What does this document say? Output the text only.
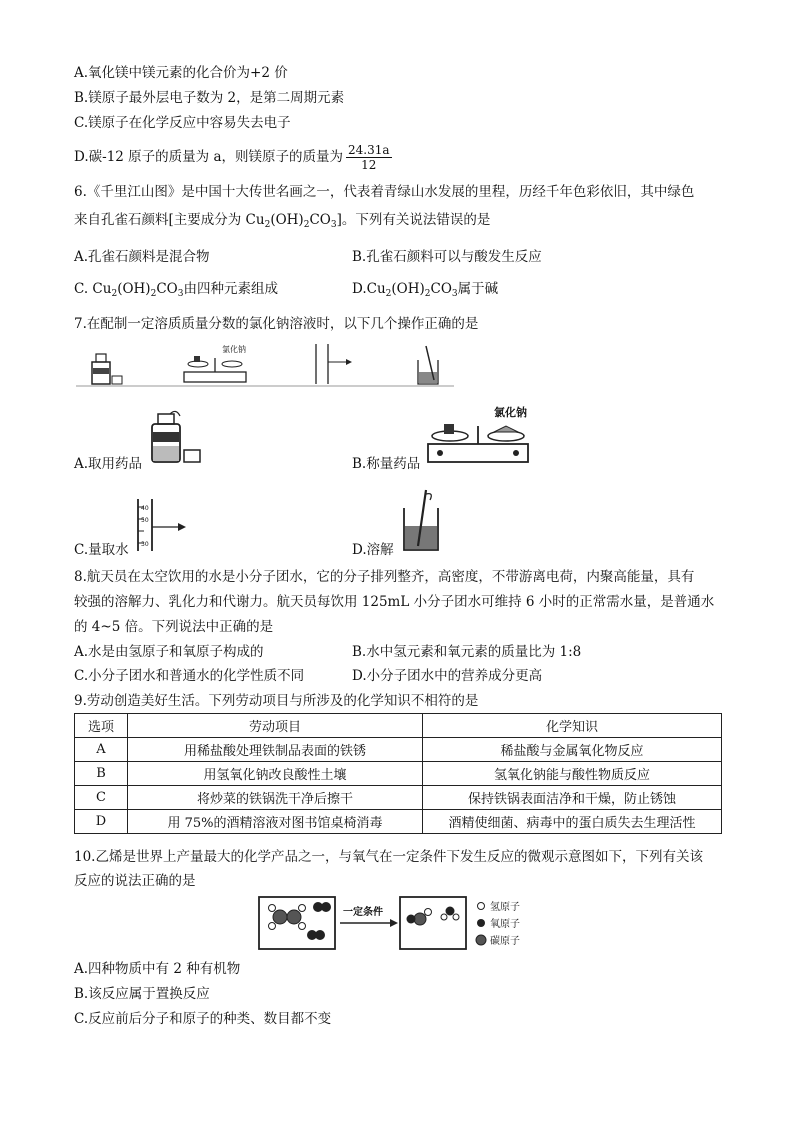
A.氧化镁中镁元素的化合价为+2 价
B.镁原子最外层电子数为 2，是第二周期元素
C.镁原子在化学反应中容易失去电子
D.碳-12 原子的质量为 a，则镁原子的质量为 $\frac{24.31a}{12}$
6.《千里江山图》是中国十大传世名画之一，代表着青绿山水发展的里程，历经千年色彩依旧，其中绿色
来自孔雀石颜料[主要成分为 $Cu_2(OH)_2CO_3$]。下列有关说法错误的是
A.孔雀石颜料是混合物	B.孔雀石颜料可以与酸发生反应
C. $Cu_2(OH)_2CO_3$由四种元素组成	$D.Cu_2(OH)_2CO_3$属于碱
7.在配制一定溶质质量分数的氯化钠溶液时，以下几个操作正确的是
氯化钠
A.取用药品
氯化钠
B.称量药品
40
50
30
C.量取水	D.溶解
8.航天员在太空饮用的水是小分子团水，它的分子排列整齐，高密度，不带游离电荷，内聚高能量，具有
较强的溶解力、乳化力和代谢力。航天员每饮用 125mL 小分子团水可维持 6 小时的正常需水量，是普通水
的 4~5 倍。下列说法中正确的是
A.水是由氢原子和氧原子构成的	B.水中氢元素和氧元素的质量比为 1:8
C.小分子团水和普通水的化学性质不同	D.小分子团水中的营养成分更高
9.劳动创造美好生活。下列劳动项目与所涉及的化学知识不相符的是
选项	劳动项目	化学知识
A	用稀盐酸处理铁制品表面的铁锈	稀盐酸与金属氧化物反应
B	用氢氧化钠改良酸性土壤	氢氧化钠能与酸性物质反应
C	将炒菜的铁锅洗干净后擦干	保持铁锅表面洁净和干燥，防止锈蚀
D	用 75%的酒精溶液对图书馆桌椅消毒	酒精使细菌、病毒中的蛋白质失去生理活性
10.乙烯是世界上产量最大的化学产品之一，与氧气在一定条件下发生反应的微观示意图如下，下列有关该
反应的说法正确的是
一定条件	氢原子
氧原子
碳原子
A.四种物质中有 2 种有机物
B.该反应属于置换反应
C.反应前后分子和原子的种类、数目都不变
